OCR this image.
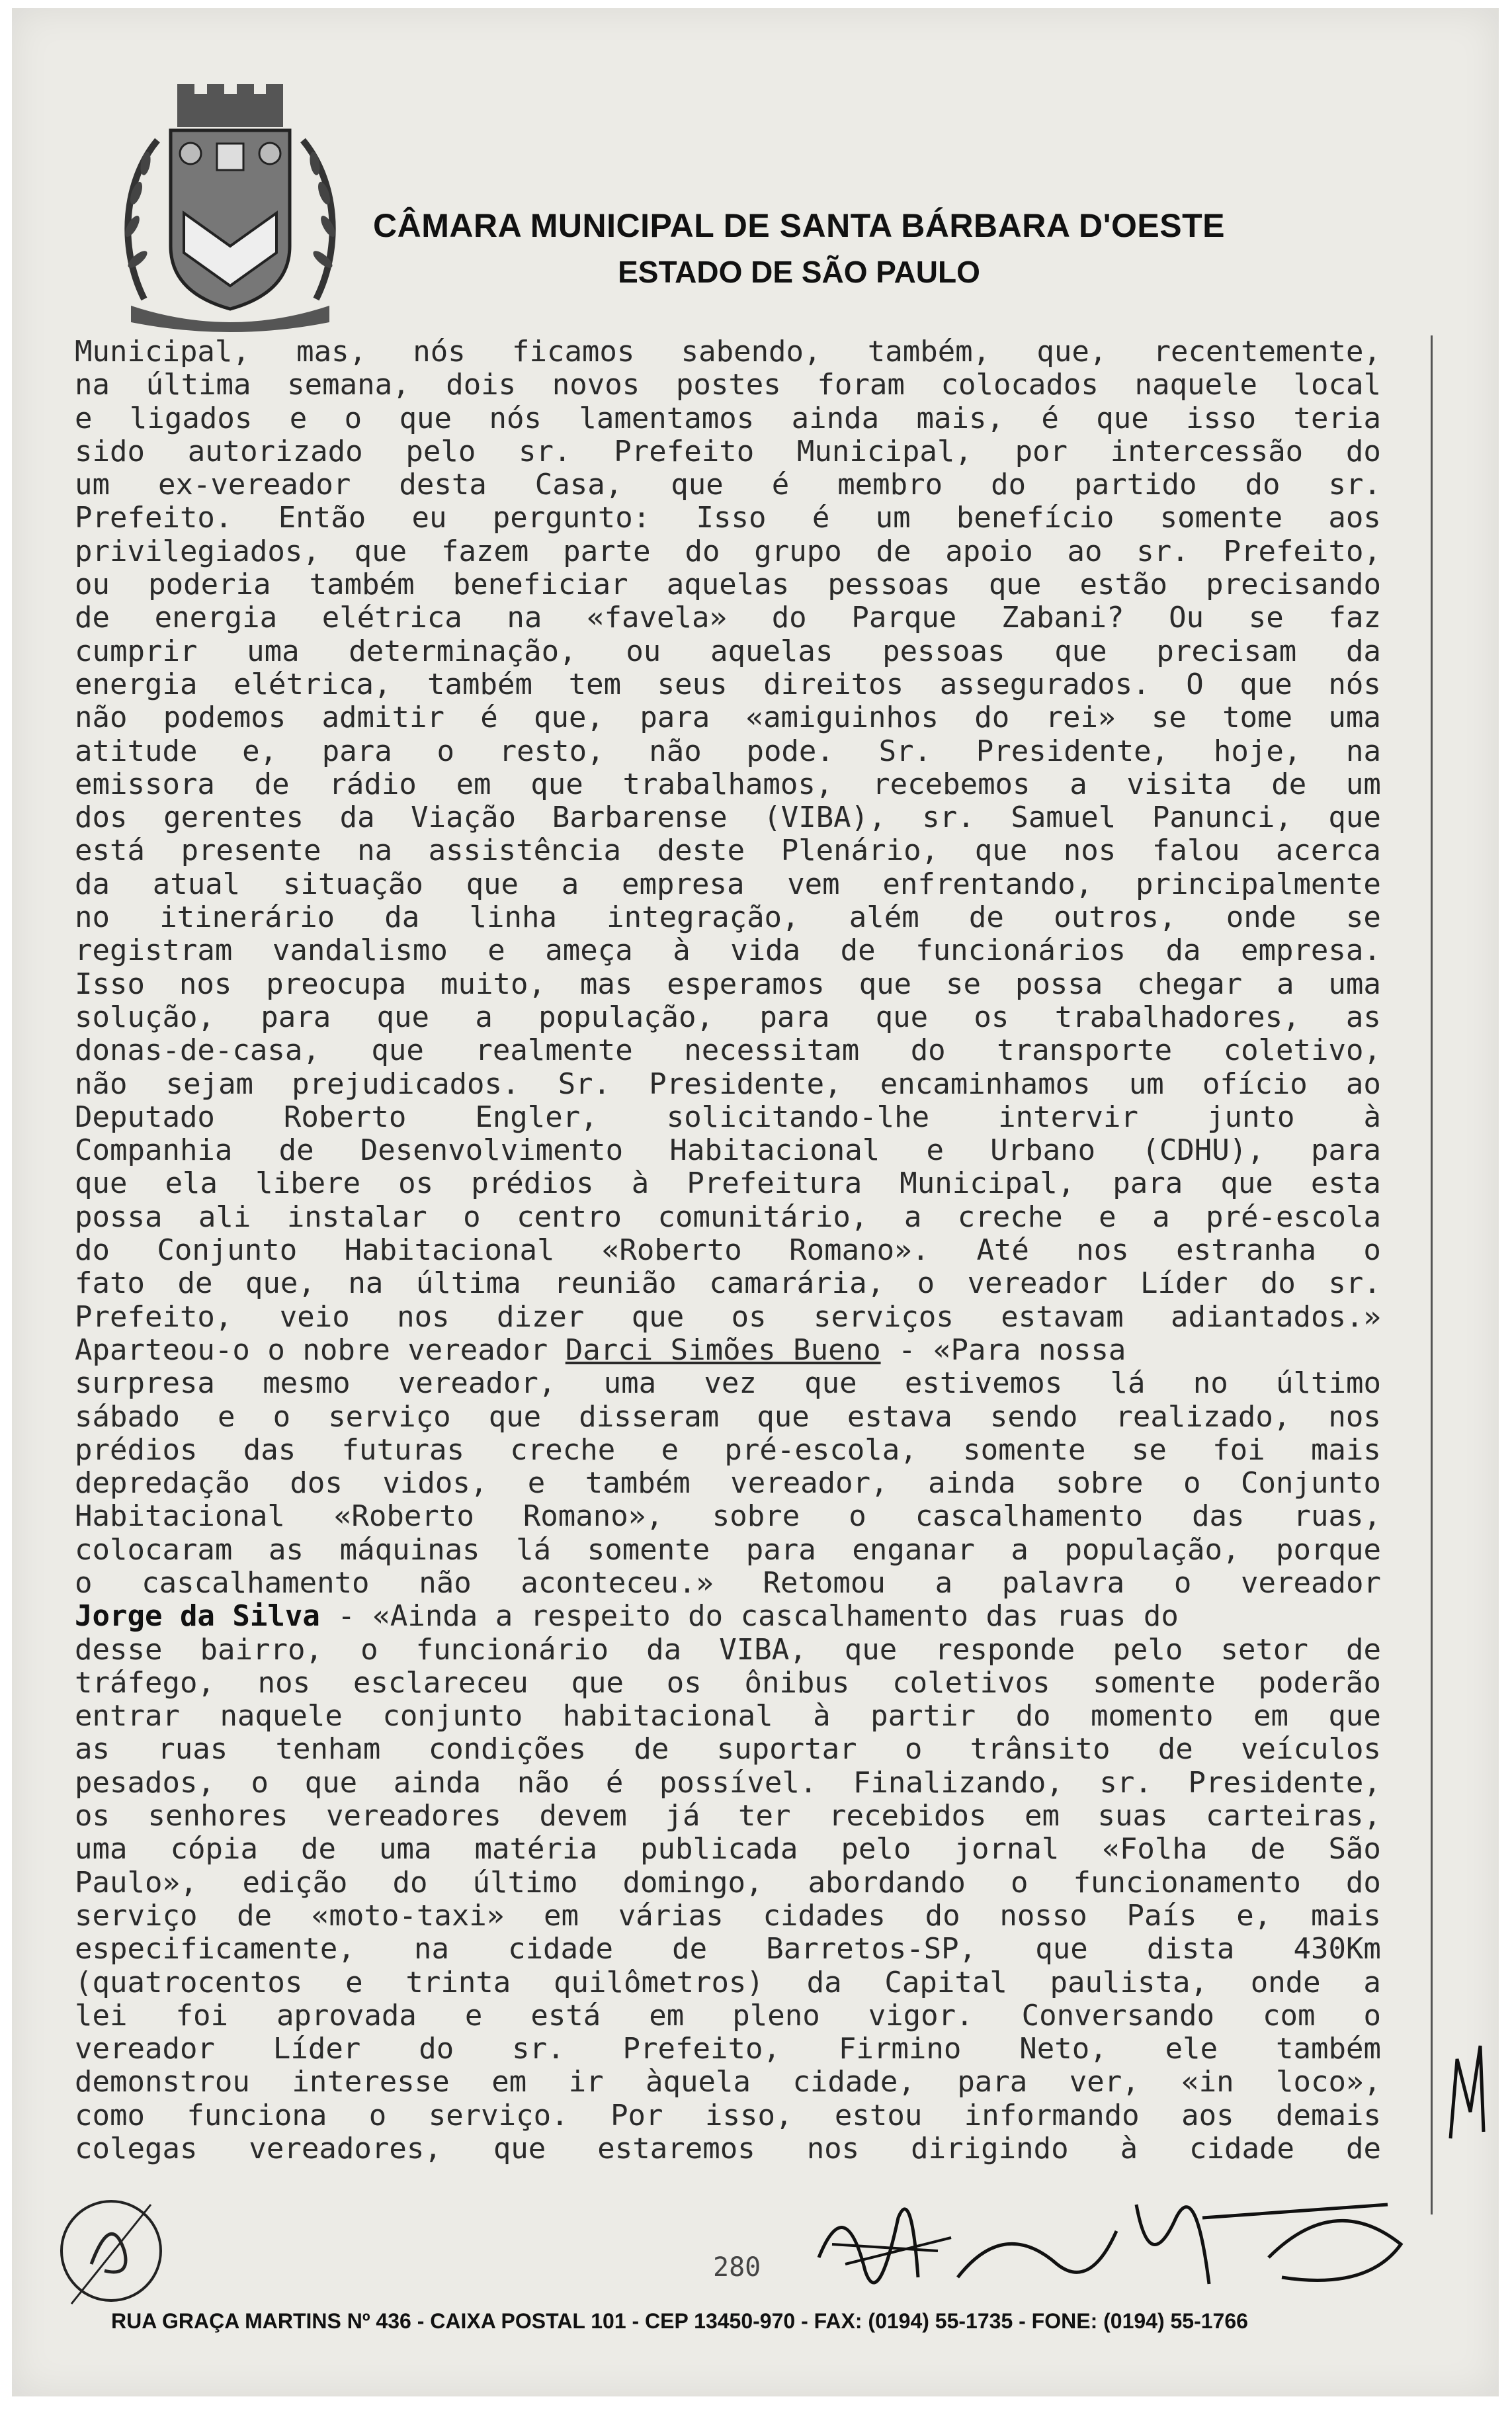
CÂMARA MUNICIPAL DE SANTA BÁRBARA D'OESTE
ESTADO DE SÃO PAULO
Municipal, mas, nós ficamos sabendo, também, que, recentemente,
na última semana, dois novos postes foram colocados naquele local
e ligados e o que nós lamentamos ainda mais, é que isso teria
sido autorizado pelo sr. Prefeito Municipal, por intercessão do
um ex-vereador desta Casa, que é membro do partido do sr.
Prefeito. Então eu pergunto: Isso é um benefício somente aos
privilegiados, que fazem parte do grupo de apoio ao sr. Prefeito,
ou poderia também beneficiar aquelas pessoas que estão precisando
de energia elétrica na «favela» do Parque Zabani? Ou se faz
cumprir uma determinação, ou aquelas pessoas que precisam da
energia elétrica, também tem seus direitos assegurados. O que nós
não podemos admitir é que, para «amiguinhos do rei» se tome uma
atitude e, para o resto, não pode. Sr. Presidente, hoje, na
emissora de rádio em que trabalhamos, recebemos a visita de um
dos gerentes da Viação Barbarense (VIBA), sr. Samuel Panunci, que
está presente na assistência deste Plenário, que nos falou acerca
da atual situação que a empresa vem enfrentando, principalmente
no itinerário da linha integração, além de outros, onde se
registram vandalismo e ameça à vida de funcionários da empresa.
Isso nos preocupa muito, mas esperamos que se possa chegar a uma
solução, para que a população, para que os trabalhadores, as
donas-de-casa, que realmente necessitam do transporte coletivo,
não sejam prejudicados. Sr. Presidente, encaminhamos um ofício ao
Deputado Roberto Engler, solicitando-lhe intervir junto à
Companhia de Desenvolvimento Habitacional e Urbano (CDHU), para
que ela libere os prédios à Prefeitura Municipal, para que esta
possa ali instalar o centro comunitário, a creche e a pré-escola
do Conjunto Habitacional «Roberto Romano». Até nos estranha o
fato de que, na última reunião camarária, o vereador Líder do sr.
Prefeito, veio nos dizer que os serviços estavam adiantados.»
Aparteou-o o nobre vereador Darci Simões Bueno - «Para nossa
surpresa mesmo vereador, uma vez que estivemos lá no último
sábado e o serviço que disseram que estava sendo realizado, nos
prédios das futuras creche e pré-escola, somente se foi mais
depredação dos vidos, e também vereador, ainda sobre o Conjunto
Habitacional «Roberto Romano», sobre o cascalhamento das ruas,
colocaram as máquinas lá somente para enganar a população, porque
o cascalhamento não aconteceu.» Retomou a palavra o vereador
Jorge da Silva - «Ainda a respeito do cascalhamento das ruas do
desse bairro, o funcionário da VIBA, que responde pelo setor de
tráfego, nos esclareceu que os ônibus coletivos somente poderão
entrar naquele conjunto habitacional à partir do momento em que
as ruas tenham condições de suportar o trânsito de veículos
pesados, o que ainda não é possível. Finalizando, sr. Presidente,
os senhores vereadores devem já ter recebidos em suas carteiras,
uma cópia de uma matéria publicada pelo jornal «Folha de São
Paulo», edição do último domingo, abordando o funcionamento do
serviço de «moto-taxi» em várias cidades do nosso País e, mais
especificamente, na cidade de Barretos-SP, que dista 430Km
(quatrocentos e trinta quilômetros) da Capital paulista, onde a
lei foi aprovada e está em pleno vigor. Conversando com o
vereador Líder do sr. Prefeito, Firmino Neto, ele também
demonstrou interesse em ir àquela cidade, para ver, «in loco»,
como funciona o serviço. Por isso, estou informando aos demais
colegas vereadores, que estaremos nos dirigindo à cidade de
280
RUA GRAÇA MARTINS Nº 436 - CAIXA POSTAL 101 - CEP 13450-970 - FAX: (0194) 55-1735 - FONE: (0194) 55-1766
